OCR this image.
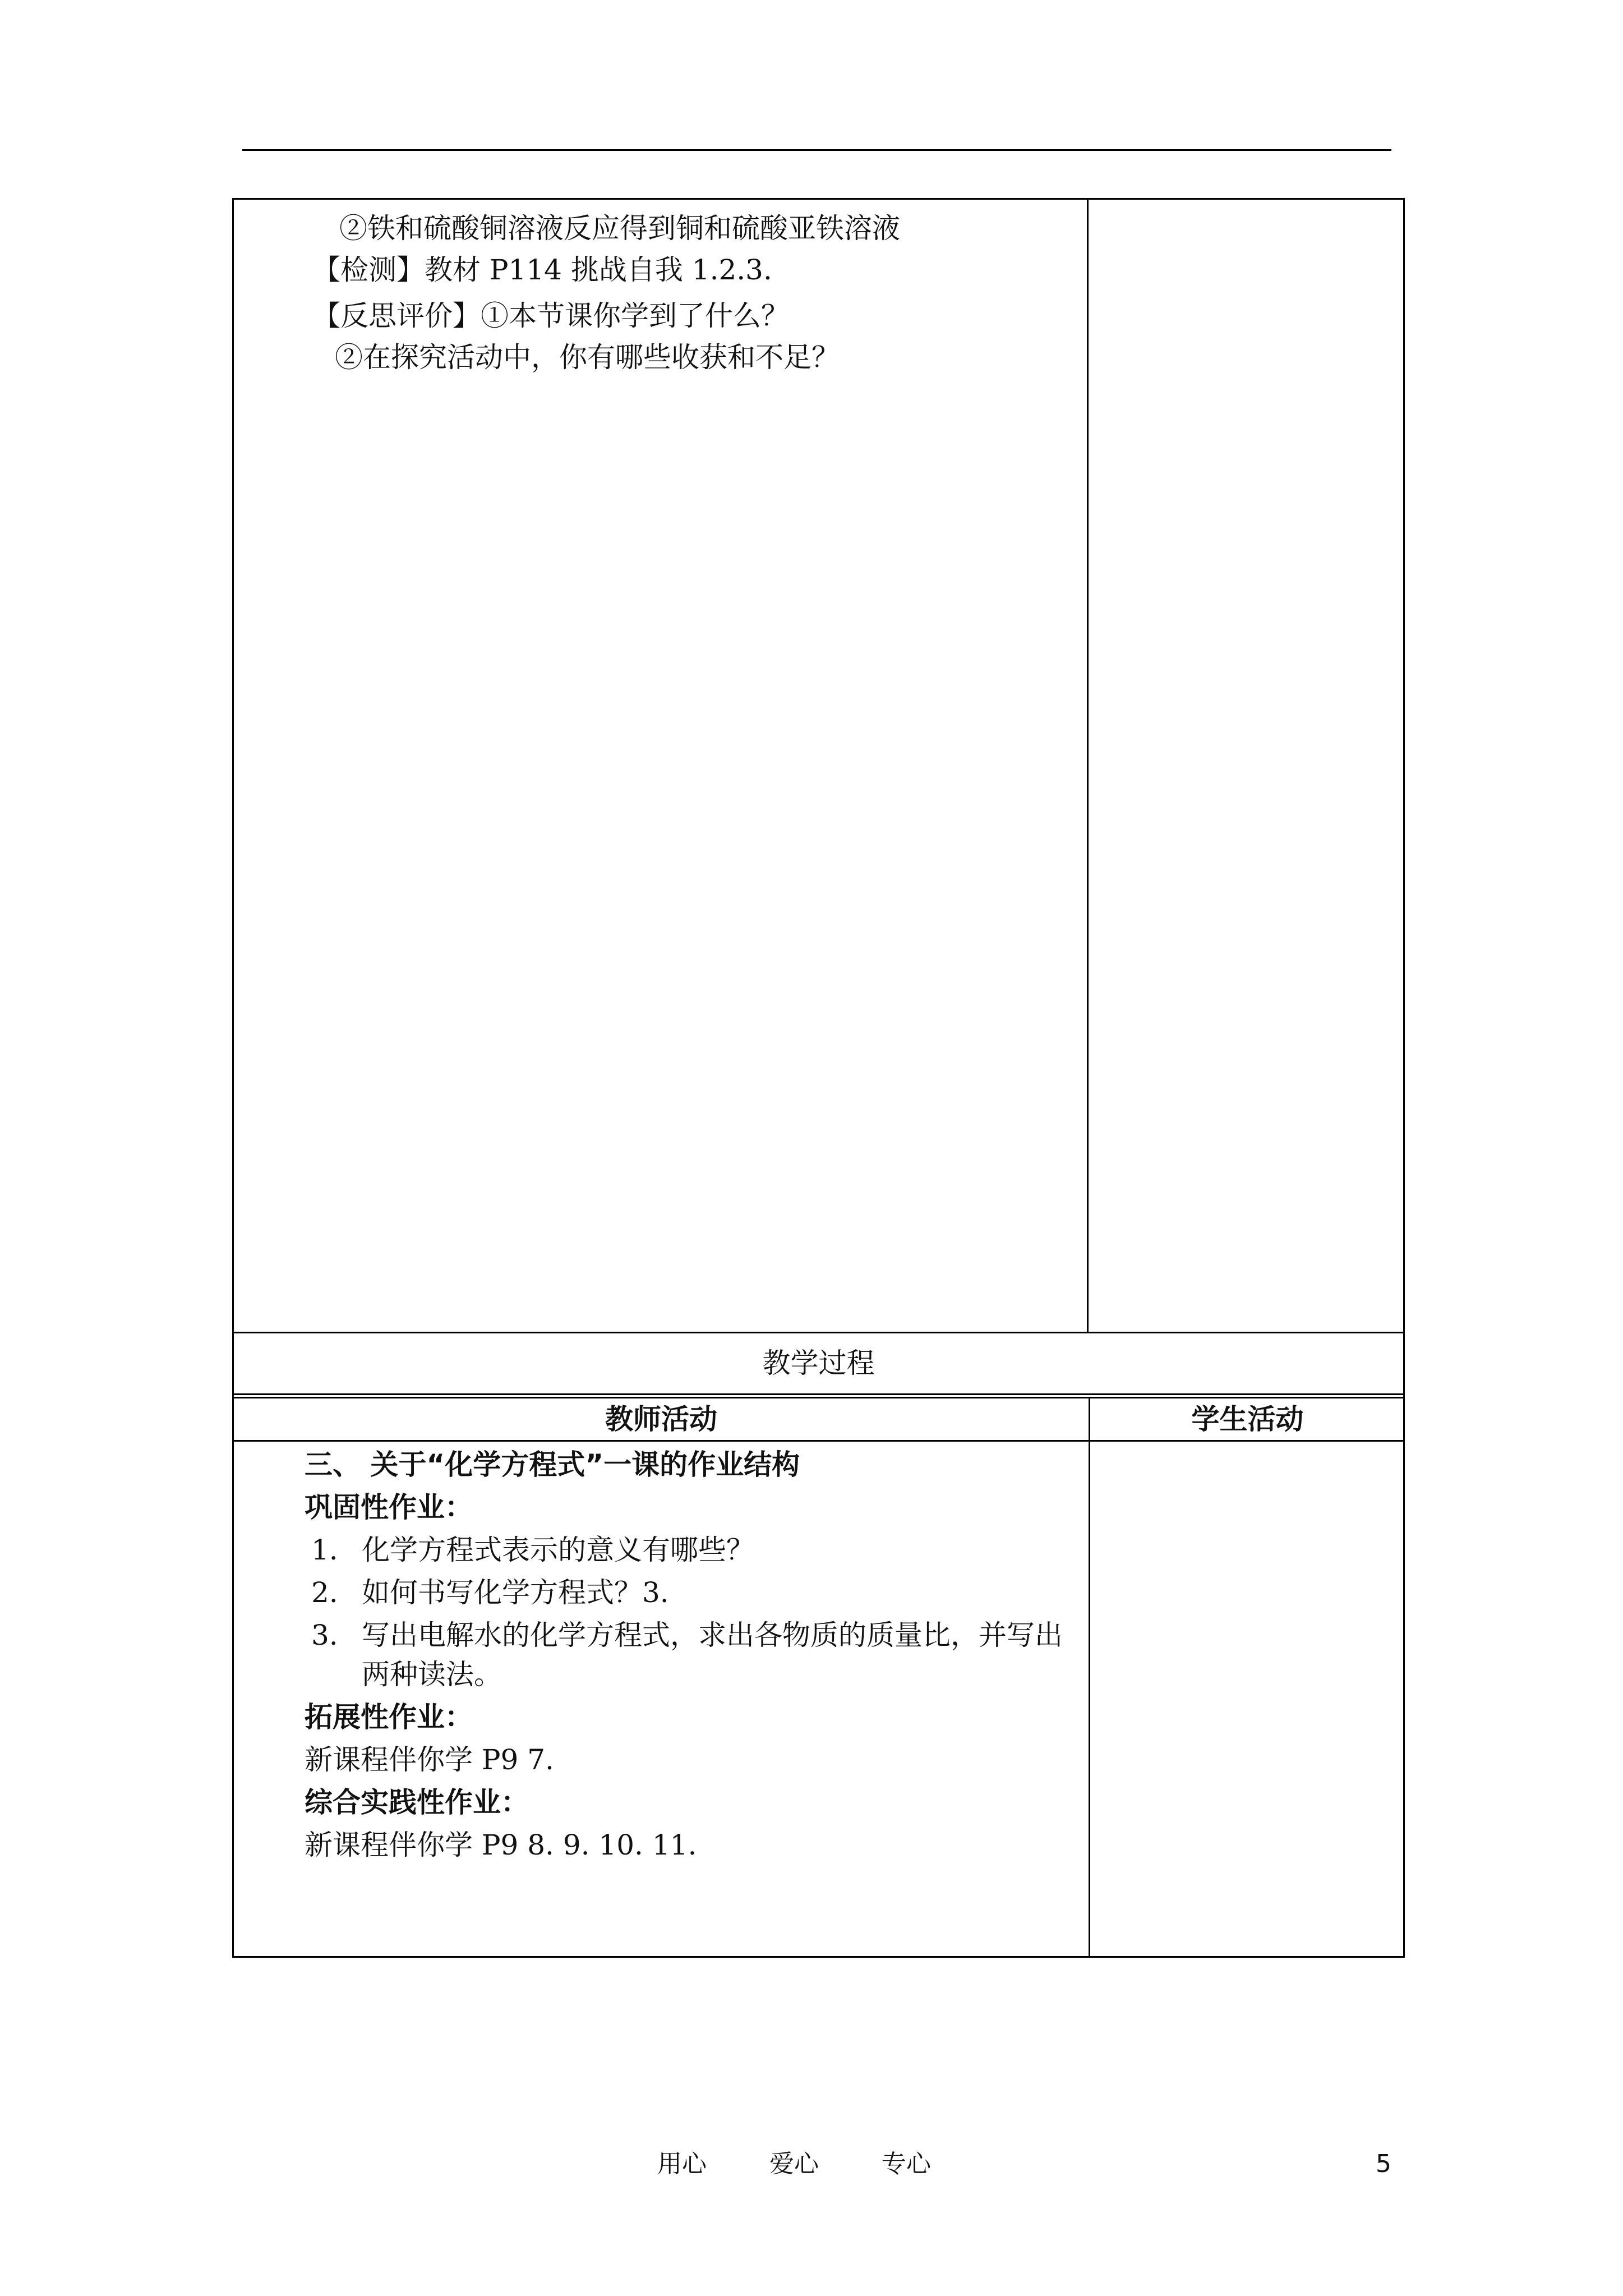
②铁和硫酸铜溶液反应得到铜和硫酸亚铁溶液
【检测】教材 P114 挑战自我 1.2.3.
【反思评价】①本节课你学到了什么？
②在探究活动中，你有哪些收获和不足？
教学过程
教师活动	学生活动
三、 关于“化学方程式”一课的作业结构
巩固性作业：
1. 化学方程式表示的意义有哪些？
2. 如何书写化学方程式？3.
3. 写出电解水的化学方程式，求出各物质的质量比，并写出
两种读法。
拓展性作业：
新课程伴你学 P9 7.
综合实践性作业：
新课程伴你学 P9 8. 9. 10. 11.
用心	爱心	专心	5
